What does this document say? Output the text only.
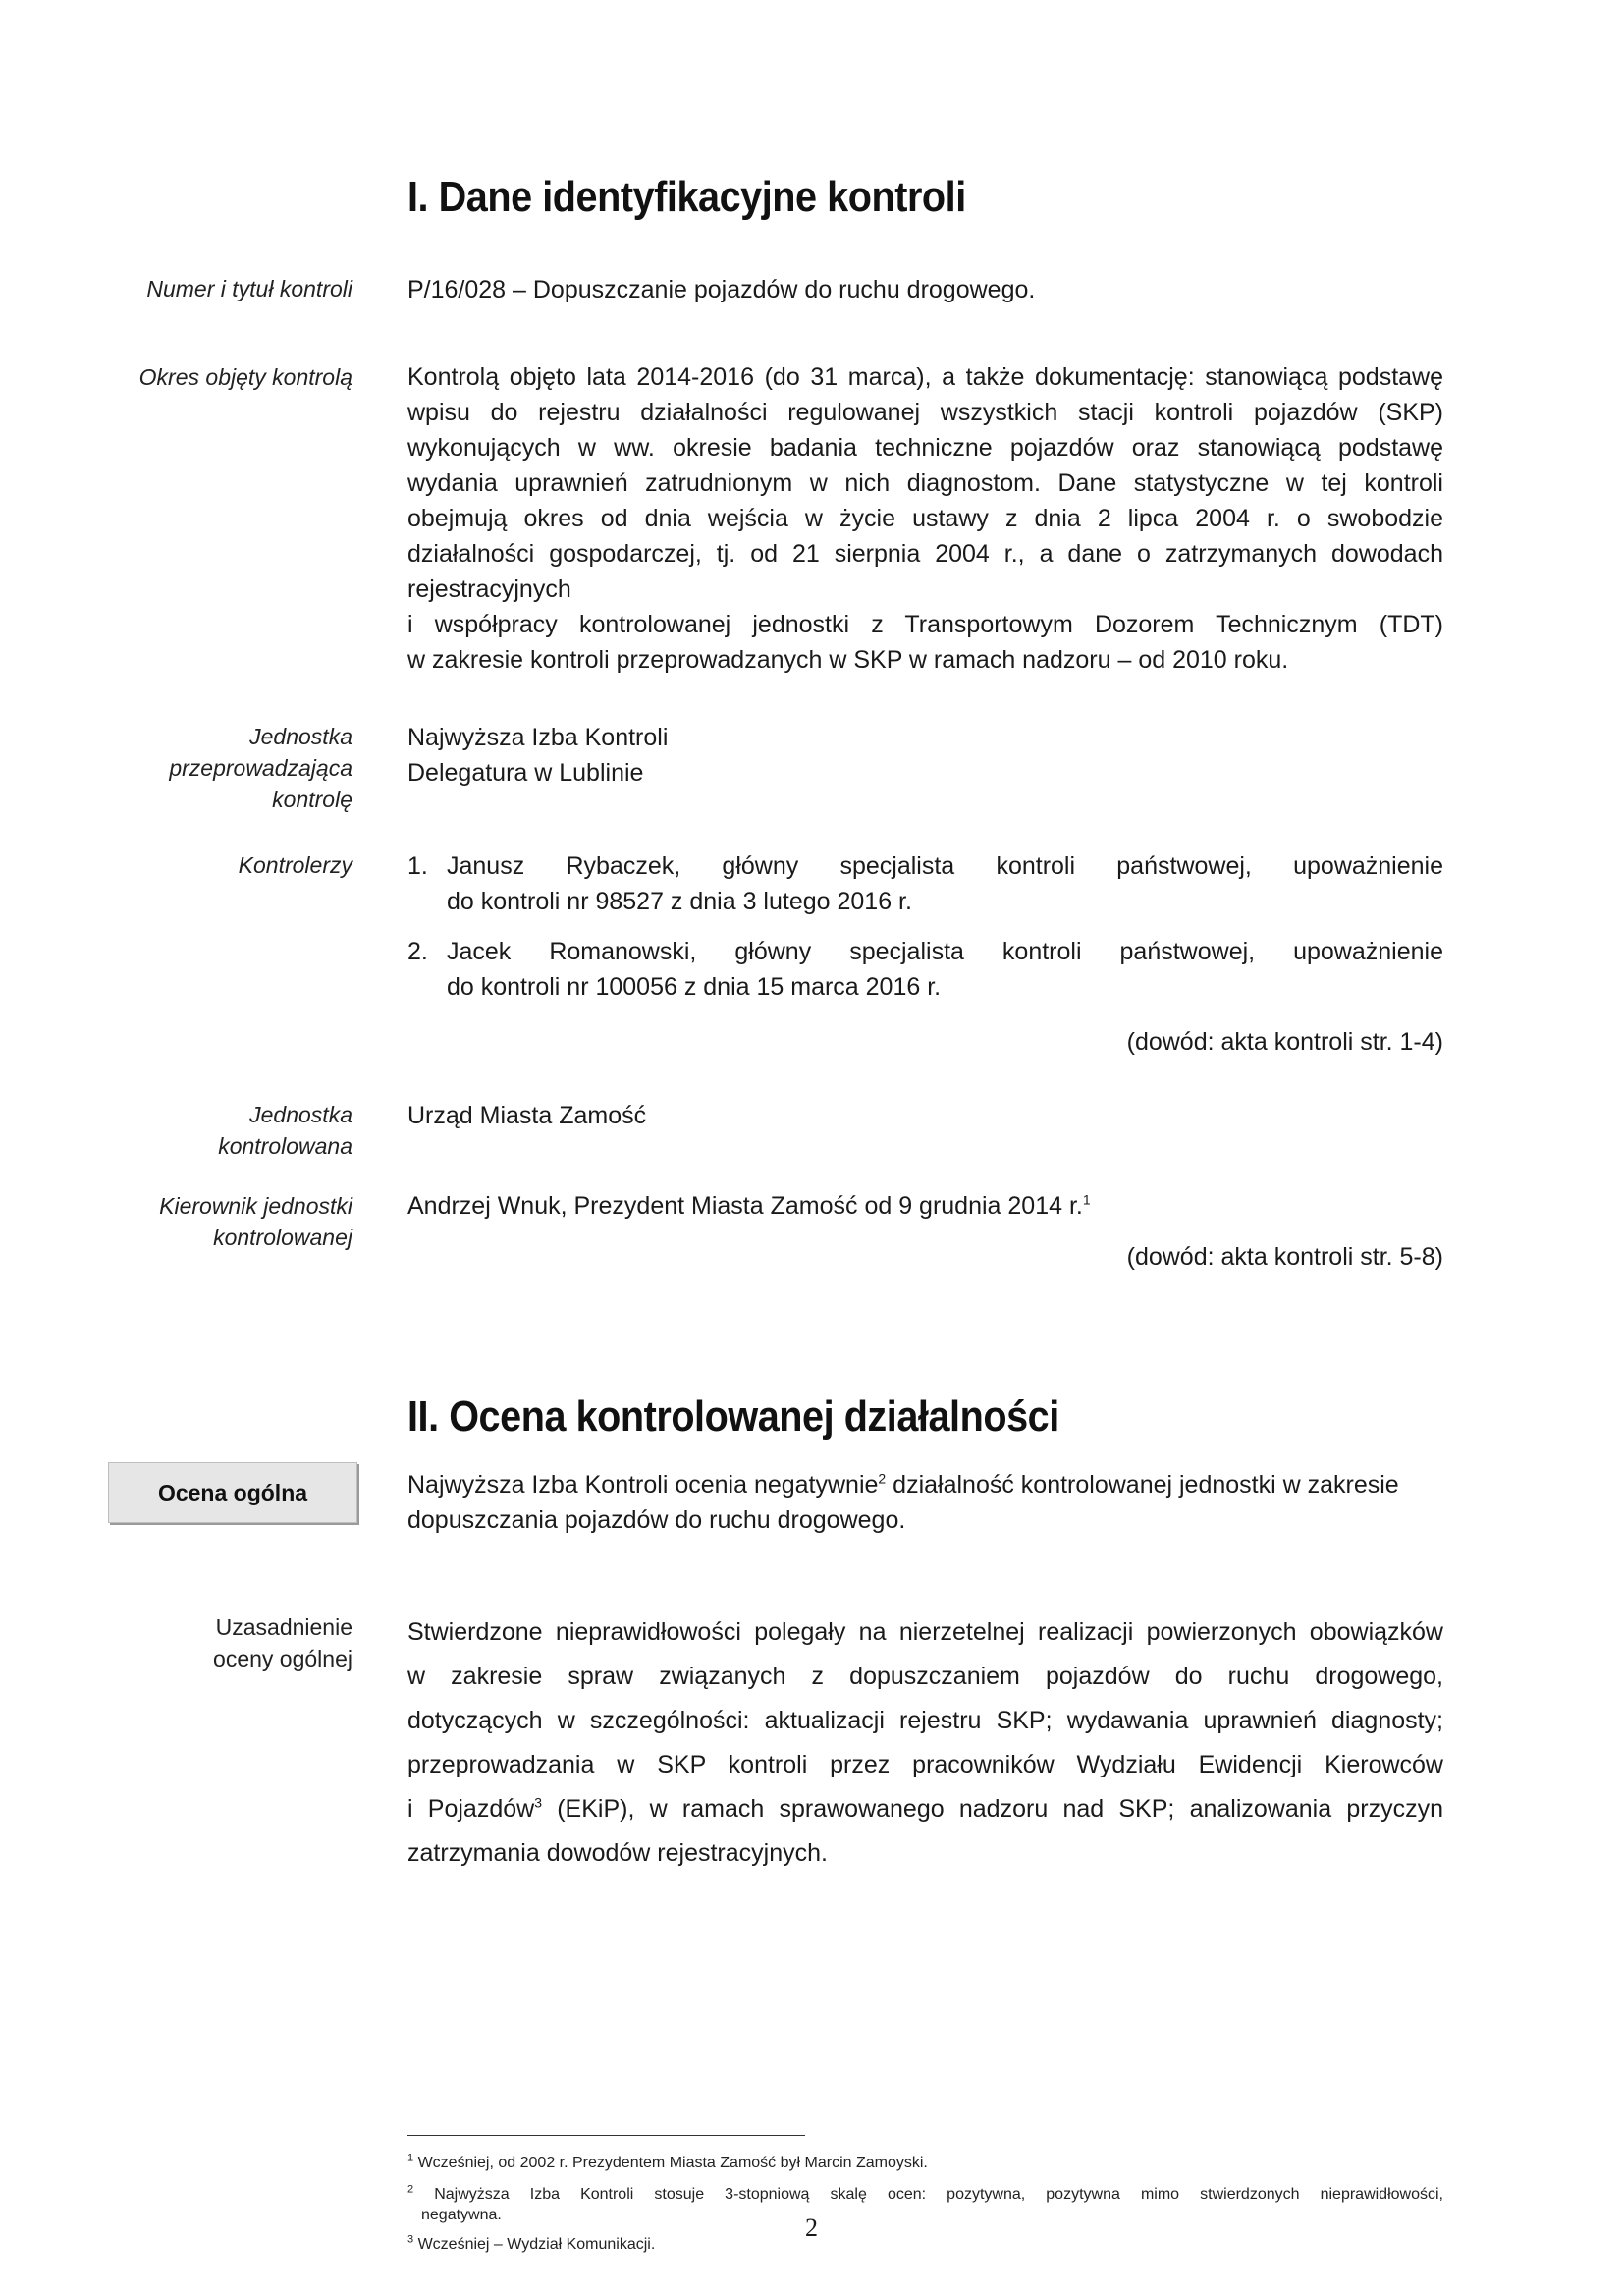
I. Dane identyfikacyjne kontroli
Numer i tytuł kontroli P/16/028 – Dopuszczanie pojazdów do ruchu drogowego.
Okres objęty kontrolą Kontrolą objęto lata 2014-2016 (do 31 marca), a także dokumentację: stanowiącą podstawę
wpisu do rejestru działalności regulowanej wszystkich stacji kontroli pojazdów (SKP)
wykonujących w ww. okresie badania techniczne pojazdów oraz stanowiącą podstawę
wydania uprawnień zatrudnionym w nich diagnostom. Dane statystyczne w tej kontroli
obejmują okres od dnia wejścia w życie ustawy z dnia 2 lipca 2004 r. o swobodzie
działalności gospodarczej, tj. od 21 sierpnia 2004 r., a dane o zatrzymanych dowodach
rejestracyjnych
i współpracy kontrolowanej jednostki z Transportowym Dozorem Technicznym (TDT)
w zakresie kontroli przeprowadzanych w SKP w ramach nadzoru – od 2010 roku.
Jednostka
przeprowadzająca
kontrolę
Najwyższa Izba Kontroli
Delegatura w Lublinie
Kontrolerzy 1. Janusz Rybaczek, główny specjalista kontroli państwowej, upoważnienie
do kontroli nr 98527 z dnia 3 lutego 2016 r.
2. Jacek Romanowski, główny specjalista kontroli państwowej, upoważnienie
do kontroli nr 100056 z dnia 15 marca 2016 r.
(dowód: akta kontroli str. 1-4)
Jednostka
kontrolowana
Urząd Miasta Zamość
Kierownik jednostki
kontrolowanej
Andrzej Wnuk, Prezydent Miasta Zamość od 9 grudnia 2014 r.$^1$
(dowód: akta kontroli str. 5-8)
II. Ocena kontrolowanej działalności
Ocena ogólna	Najwyższa Izba Kontroli ocenia negatywnie$^2$ działalność kontrolowanej jednostki w zakresie
dopuszczania pojazdów do ruchu drogowego.
Uzasadnienie
oceny ogólnej
Stwierdzone nieprawidłowości polegały na nierzetelnej realizacji powierzonych obowiązków
w zakresie spraw związanych z dopuszczaniem pojazdów do ruchu drogowego,
dotyczących w szczególności: aktualizacji rejestru SKP; wydawania uprawnień diagnosty;
przeprowadzania w SKP kontroli przez pracowników Wydziału Ewidencji Kierowców
i Pojazdów$^3$ (EKiP), w ramach sprawowanego nadzoru nad SKP; analizowania przyczyn
zatrzymania dowodów rejestracyjnych.
$^1$ Wcześniej, od 2002 r. Prezydentem Miasta Zamość był Marcin Zamoyski.
$^2$ Najwyższa Izba Kontroli stosuje 3-stopniową skalę ocen: pozytywna, pozytywna mimo stwierdzonych nieprawidłowości,
negatywna.
$^3$ Wcześniej – Wydział Komunikacji.
2
